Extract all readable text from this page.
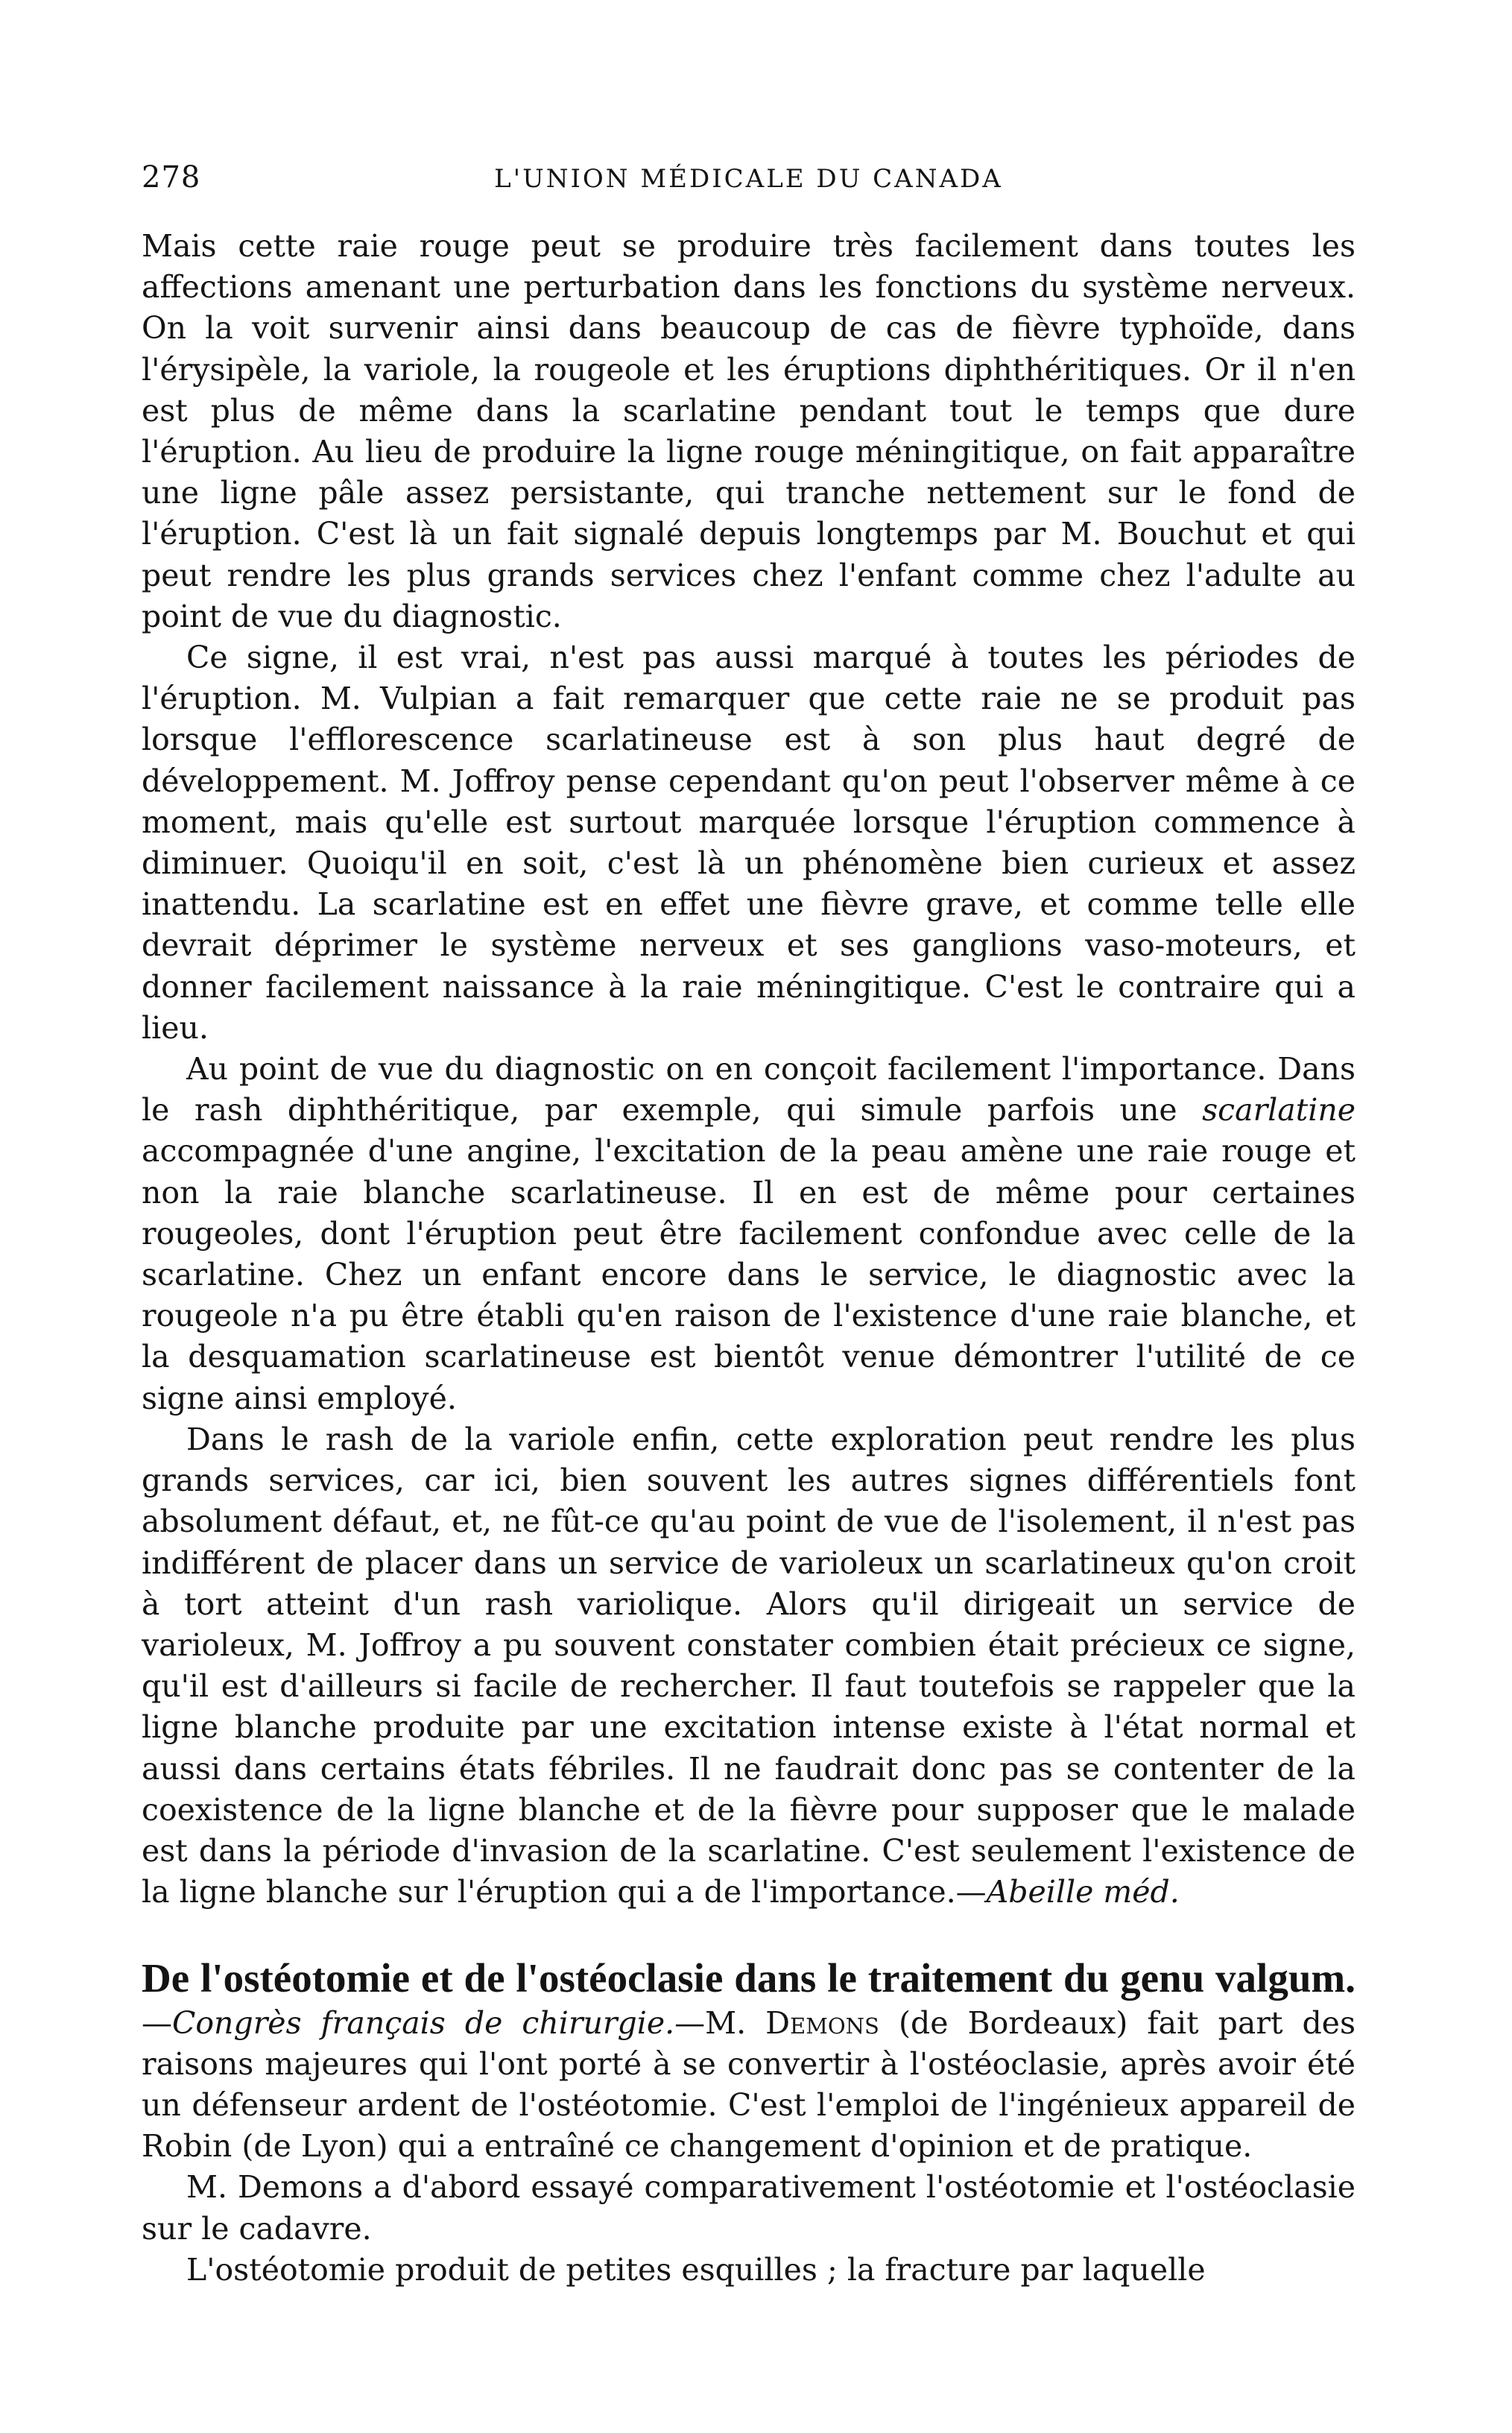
278	L'UNION MÉDICALE DU CANADA

Mais cette raie rouge peut se produire très facilement dans toutes les affections amenant une perturbation dans les fonctions du système nerveux. On la voit survenir ainsi dans beaucoup de cas de fièvre typhoïde, dans l'érysipèle, la variole, la rougeole et les éruptions diphthéritiques. Or il n'en est plus de même dans la scarlatine pendant tout le temps que dure l'éruption. Au lieu de produire la ligne rouge méningitique, on fait apparaître une ligne pâle assez persistante, qui tranche nettement sur le fond de l'éruption. C'est là un fait signalé depuis longtemps par M. Bouchut et qui peut rendre les plus grands services chez l'enfant comme chez l'adulte au point de vue du diagnostic.

Ce signe, il est vrai, n'est pas aussi marqué à toutes les périodes de l'éruption. M. Vulpian a fait remarquer que cette raie ne se produit pas lorsque l'efflorescence scarlatineuse est à son plus haut degré de développement. M. Joffroy pense cependant qu'on peut l'observer même à ce moment, mais qu'elle est surtout marquée lorsque l'éruption commence à diminuer. Quoiqu'il en soit, c'est là un phénomène bien curieux et assez inattendu. La scarlatine est en effet une fièvre grave, et comme telle elle devrait déprimer le système nerveux et ses ganglions vaso-moteurs, et donner facilement naissance à la raie méningitique. C'est le contraire qui a lieu.

Au point de vue du diagnostic on en conçoit facilement l'importance. Dans le rash diphthéritique, par exemple, qui simule parfois une scarlatine accompagnée d'une angine, l'excitation de la peau amène une raie rouge et non la raie blanche scarlatineuse. Il en est de même pour certaines rougeoles, dont l'éruption peut être facilement confondue avec celle de la scarlatine. Chez un enfant encore dans le service, le diagnostic avec la rougeole n'a pu être établi qu'en raison de l'existence d'une raie blanche, et la desquamation scarlatineuse est bientôt venue démontrer l'utilité de ce signe ainsi employé.

Dans le rash de la variole enfin, cette exploration peut rendre les plus grands services, car ici, bien souvent les autres signes différentiels font absolument défaut, et, ne fût-ce qu'au point de vue de l'isolement, il n'est pas indifférent de placer dans un service de varioleux un scarlatineux qu'on croit à tort atteint d'un rash variolique. Alors qu'il dirigeait un service de varioleux, M. Joffroy a pu souvent constater combien était précieux ce signe, qu'il est d'ailleurs si facile de rechercher. Il faut toutefois se rappeler que la ligne blanche produite par une excitation intense existe à l'état normal et aussi dans certains états fébriles. Il ne faudrait donc pas se contenter de la coexistence de la ligne blanche et de la fièvre pour supposer que le malade est dans la période d'invasion de la scarlatine. C'est seulement l'existence de la ligne blanche sur l'éruption qui a de l'importance.—Abeille méd.

De l'ostéotomie et de l'ostéoclasie dans le traitement du genu valgum.—Congrès français de chirurgie.—M. Demons (de Bordeaux) fait part des raisons majeures qui l'ont porté à se convertir à l'ostéoclasie, après avoir été un défenseur ardent de l'ostéotomie. C'est l'emploi de l'ingénieux appareil de Robin (de Lyon) qui a entraîné ce changement d'opinion et de pratique.

M. Demons a d'abord essayé comparativement l'ostéotomie et l'ostéoclasie sur le cadavre.

L'ostéotomie produit de petites esquilles ; la fracture par laquelle
